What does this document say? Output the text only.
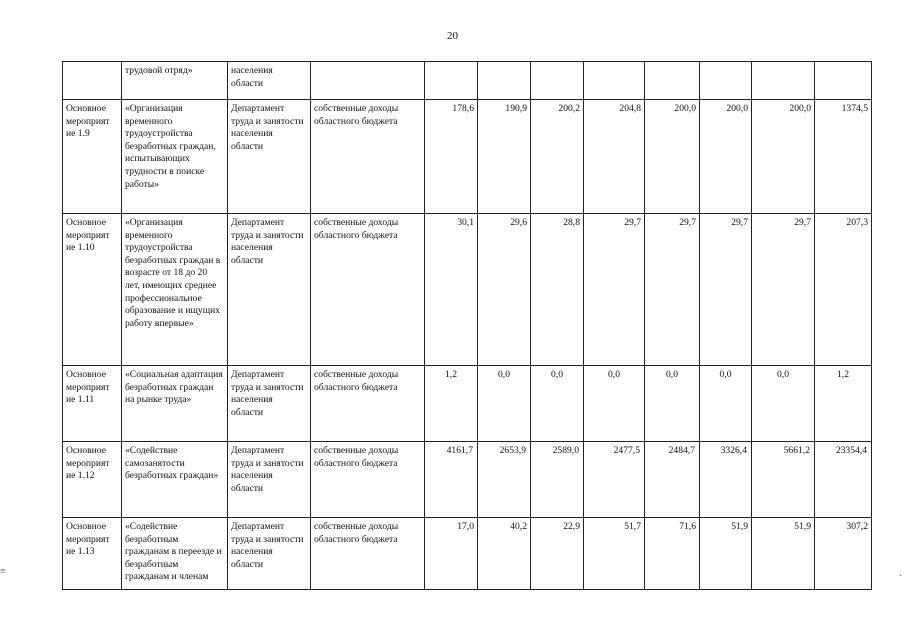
20
	трудовой отряд»	населения области									
Основное мероприят ие 1.9	«Организация временного трудоустройства безработных граждан, испытывающих трудности в поиске работы»	Департамент труда и занятости населения области	собственные доходы областного бюджета	178,6	190,9	200,2	204,8	200,0	200,0	200,0	1374,5
Основное мероприят ие 1.10	«Организация временного трудоустройства безработных граждан в возрасте от 18 до 20 лет, имеющих среднее профессиональное образование и ищущих работу впервые»	Департамент труда и занятости населения области	собственные доходы областного бюджета	30,1	29,6	28,8	29,7	29,7	29,7	29,7	207,3
Основное мероприят ие 1.11	«Социальная адаптация безработных граждан на рынке труда»	Департамент труда и занятости населения области	собственные доходы областного бюджета	1,2	0,0	0,0	0,0	0,0	0,0	0,0	1,2
Основное мероприят ие 1.12	«Содействие самозанятости безработных граждан»	Департамент труда и занятости населения области	собственные доходы областного бюджета	4161,7	2653,9	2589,0	2477,5	2484,7	3326,4	5661,2	23354,4
Основное мероприят ие 1.13	«Содействие безработным гражданам в переезде и безработным гражданам и членам	Департамент труда и занятости населения области	собственные доходы областного бюджета	17,0	40,2	22,9	51,7	71,6	51,9	51,9	307,2
≡	·
